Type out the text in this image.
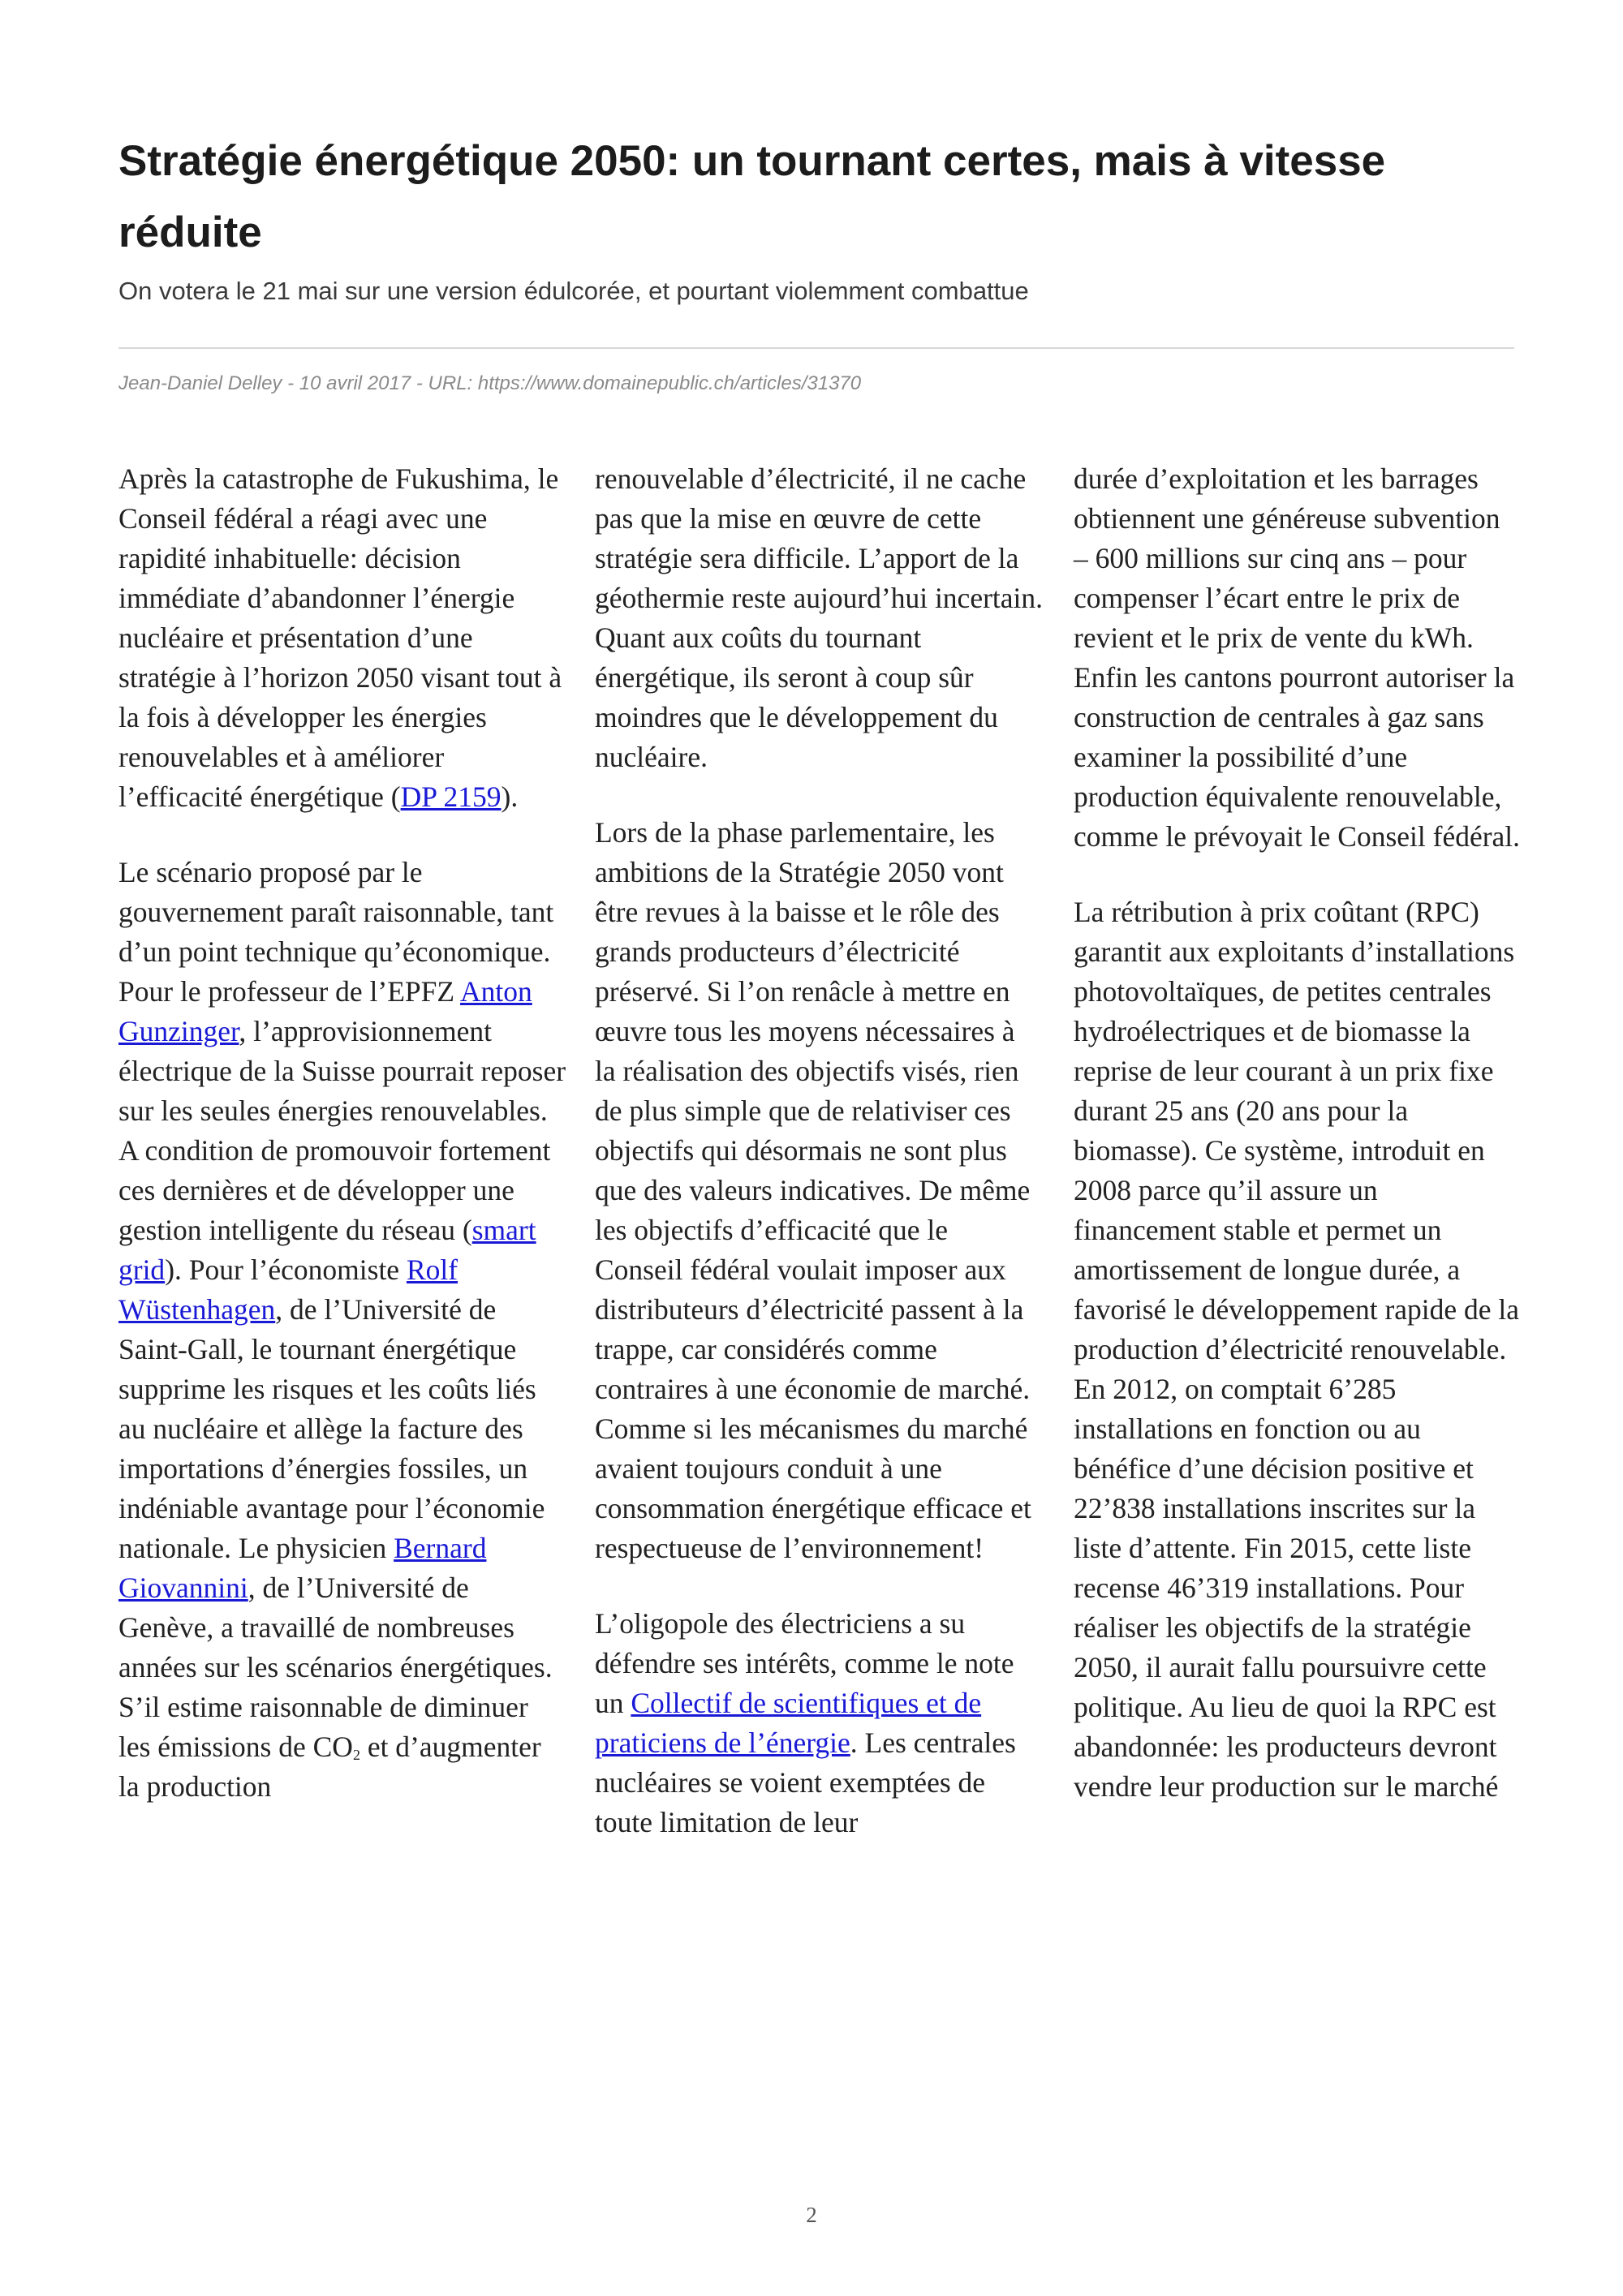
Stratégie énergétique 2050: un tournant certes, mais à vitesse réduite
On votera le 21 mai sur une version édulcorée, et pourtant violemment combattue
Jean-Daniel Delley - 10 avril 2017 - URL: https://www.domainepublic.ch/articles/31370

Après la catastrophe de Fukushima, le Conseil fédéral a réagi avec une rapidité inhabituelle: décision immédiate d’abandonner l’énergie nucléaire et présentation d’une stratégie à l’horizon 2050 visant tout à la fois à développer les énergies renouvelables et à améliorer l’efficacité énergétique (DP 2159).

Le scénario proposé par le gouvernement paraît raisonnable, tant d’un point technique qu’économique. Pour le professeur de l’EPFZ Anton Gunzinger, l’approvisionnement électrique de la Suisse pourrait reposer sur les seules énergies renouvelables. A condition de promouvoir fortement ces dernières et de développer une gestion intelligente du réseau (smart grid). Pour l’économiste Rolf Wüstenhagen, de l’Université de Saint-Gall, le tournant énergétique supprime les risques et les coûts liés au nucléaire et allège la facture des importations d’énergies fossiles, un indéniable avantage pour l’économie nationale. Le physicien Bernard Giovannini, de l’Université de Genève, a travaillé de nombreuses années sur les scénarios énergétiques. S’il estime raisonnable de diminuer les émissions de $CO_2$ et d’augmenter la production

renouvelable d’électricité, il ne cache pas que la mise en œuvre de cette stratégie sera difficile. L’apport de la géothermie reste aujourd’hui incertain. Quant aux coûts du tournant énergétique, ils seront à coup sûr moindres que le développement du nucléaire.

Lors de la phase parlementaire, les ambitions de la Stratégie 2050 vont être revues à la baisse et le rôle des grands producteurs d’électricité préservé. Si l’on renâcle à mettre en œuvre tous les moyens nécessaires à la réalisation des objectifs visés, rien de plus simple que de relativiser ces objectifs qui désormais ne sont plus que des valeurs indicatives. De même les objectifs d’efficacité que le Conseil fédéral voulait imposer aux distributeurs d’électricité passent à la trappe, car considérés comme contraires à une économie de marché. Comme si les mécanismes du marché avaient toujours conduit à une consommation énergétique efficace et respectueuse de l’environnement!

L’oligopole des électriciens a su défendre ses intérêts, comme le note un Collectif de scientifiques et de praticiens de l’énergie. Les centrales nucléaires se voient exemptées de toute limitation de leur

durée d’exploitation et les barrages obtiennent une généreuse subvention – 600 millions sur cinq ans – pour compenser l’écart entre le prix de revient et le prix de vente du kWh. Enfin les cantons pourront autoriser la construction de centrales à gaz sans examiner la possibilité d’une production équivalente renouvelable, comme le prévoyait le Conseil fédéral.

La rétribution à prix coûtant (RPC) garantit aux exploitants d’installations photovoltaïques, de petites centrales hydroélectriques et de biomasse la reprise de leur courant à un prix fixe durant 25 ans (20 ans pour la biomasse). Ce système, introduit en 2008 parce qu’il assure un financement stable et permet un amortissement de longue durée, a favorisé le développement rapide de la production d’électricité renouvelable. En 2012, on comptait 6’285 installations en fonction ou au bénéfice d’une décision positive et 22’838 installations inscrites sur la liste d’attente. Fin 2015, cette liste recense 46’319 installations. Pour réaliser les objectifs de la stratégie 2050, il aurait fallu poursuivre cette politique. Au lieu de quoi la RPC est abandonnée: les producteurs devront vendre leur production sur le marché

2
